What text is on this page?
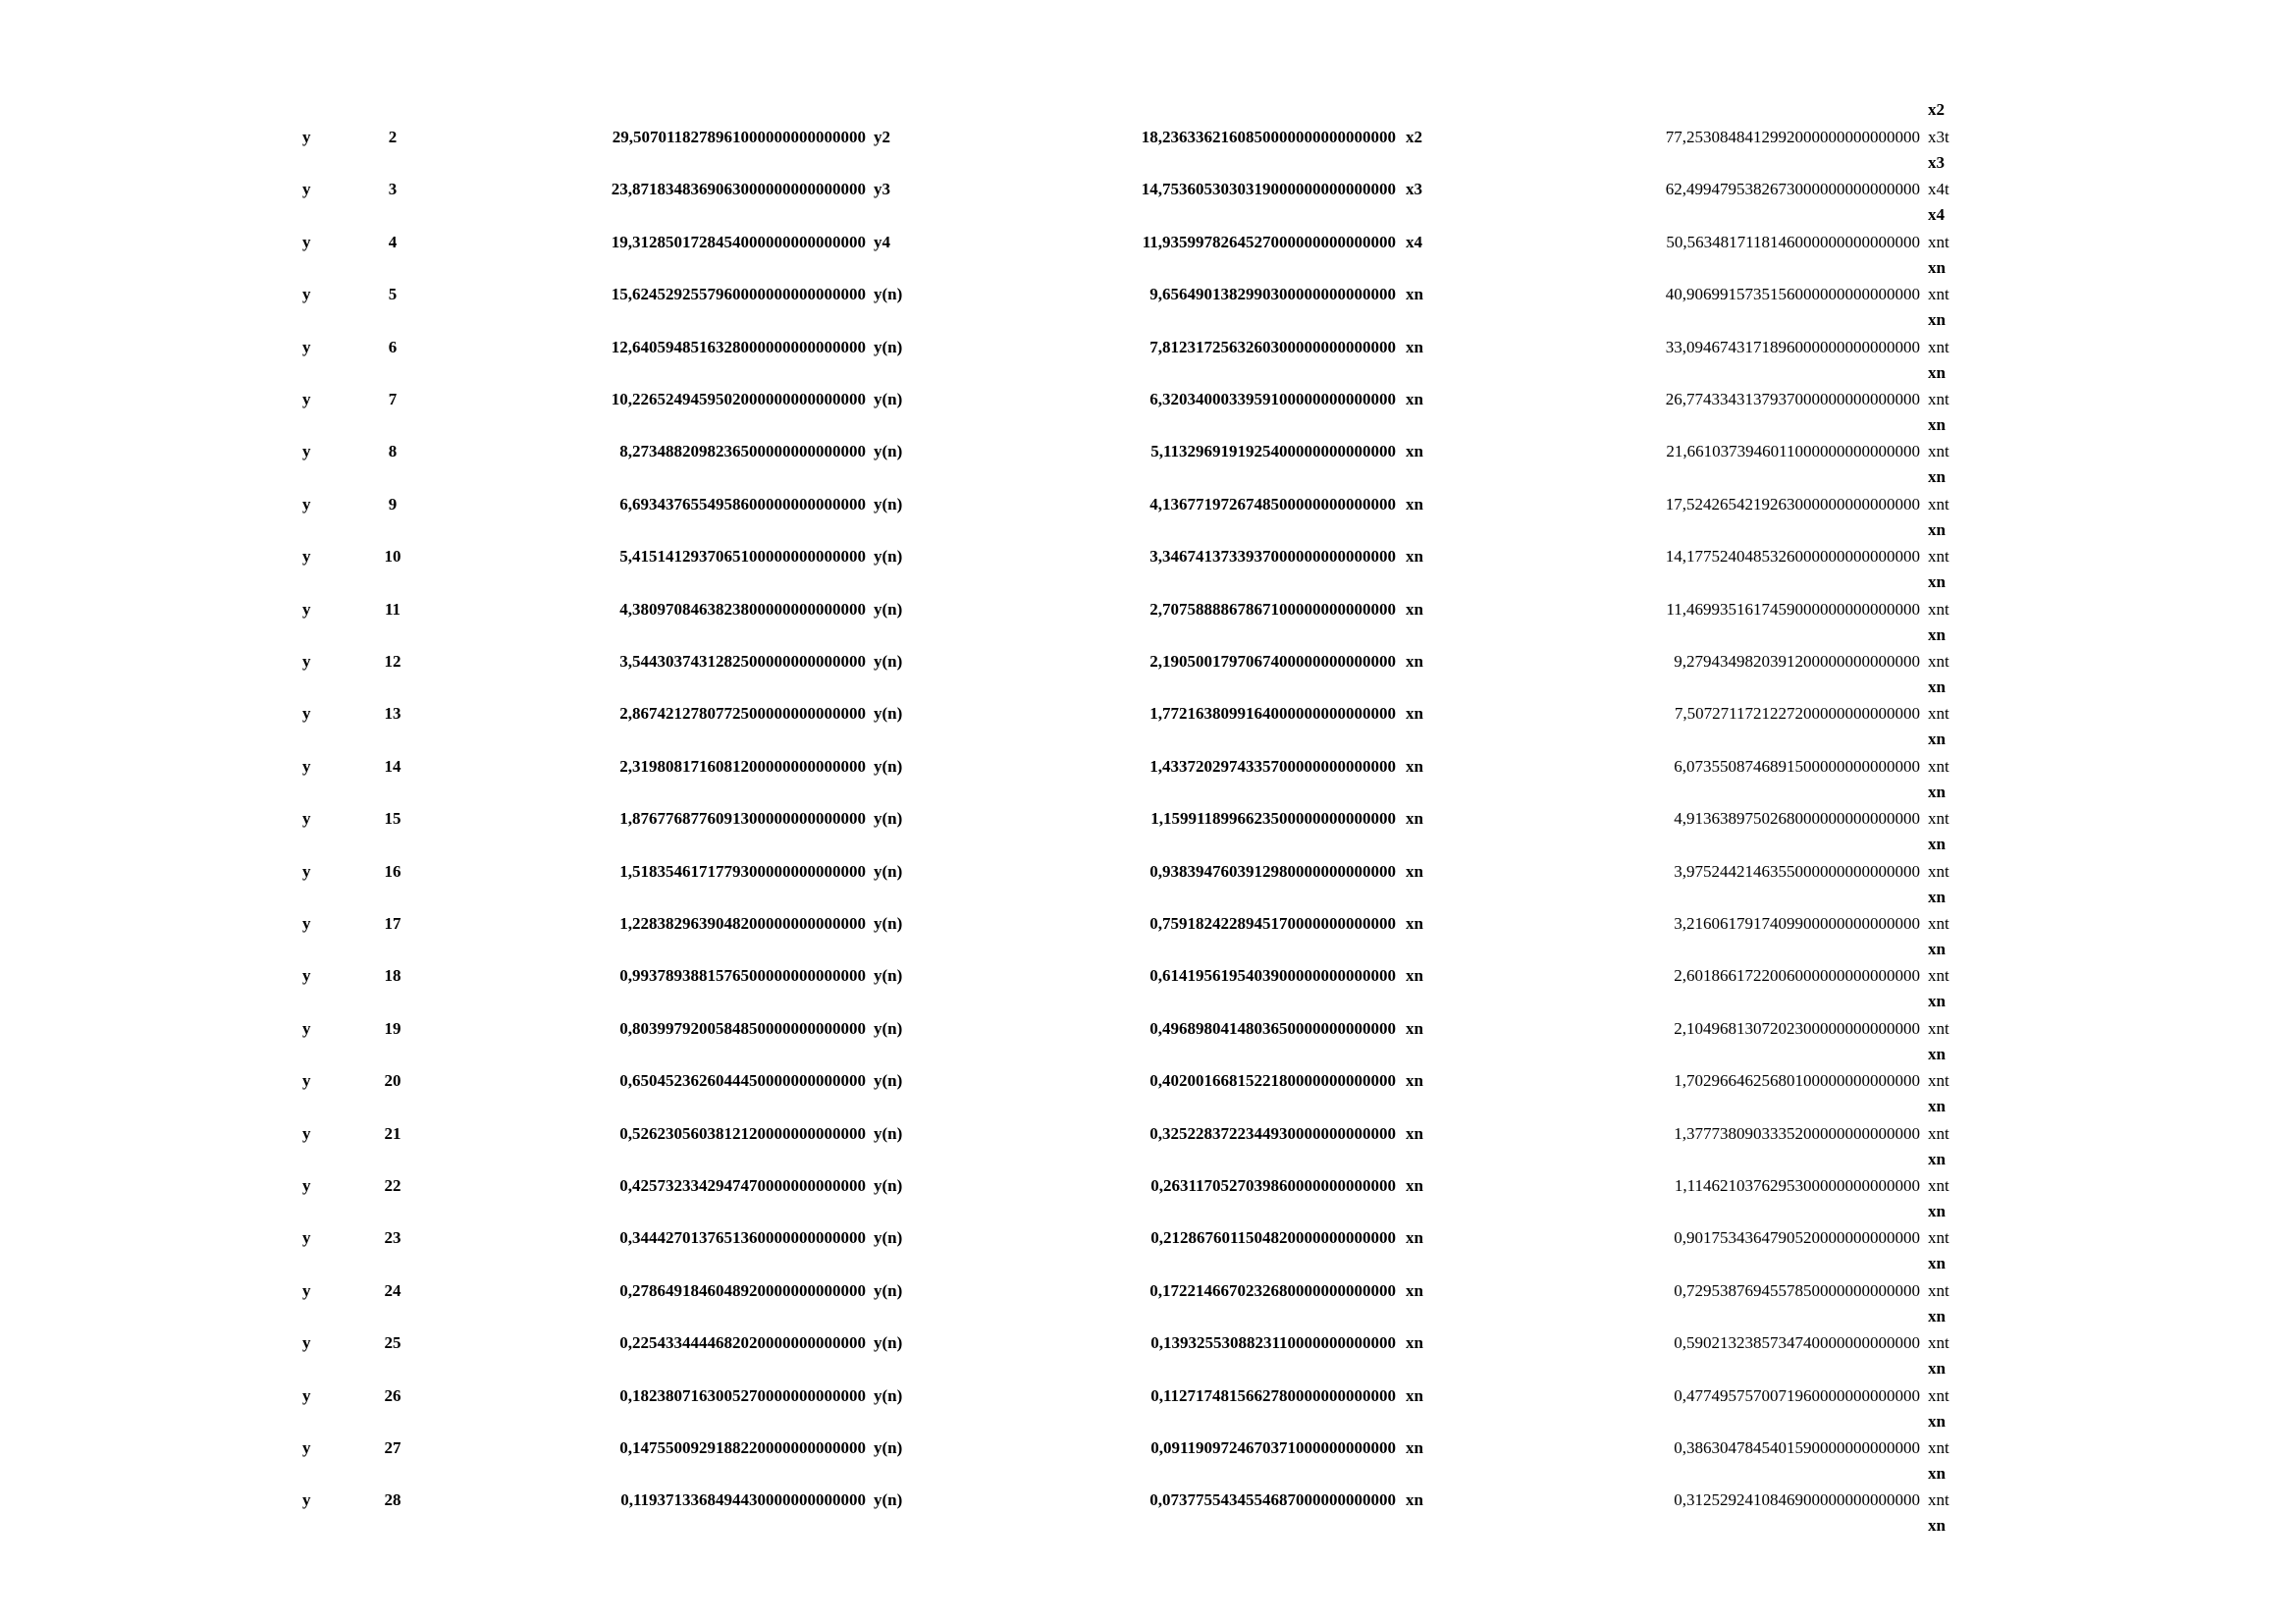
x2
y	2	29,5070118278961000000000000000 y2	18,2363362160850000000000000000 x2	77,2530848412992000000000000000 x3t
x3
y	3	23,8718348369063000000000000000 y3	14,7536053030319000000000000000 x3	62,4994795382673000000000000000 x4t
x4
y	4	19,3128501728454000000000000000 y4	11,9359978264527000000000000000 x4	50,5634817118146000000000000000 xnt
xn
y	5	15,6245292557960000000000000000 y(n)	9,6564901382990300000000000000 xn	40,9069915735156000000000000000 xnt
xn
y	6	12,6405948516328000000000000000 y(n)	7,8123172563260300000000000000 xn	33,0946743171896000000000000000 xnt
xn
y	7	10,2265249459502000000000000000 y(n)	6,3203400033959100000000000000 xn	26,7743343137937000000000000000 xnt
xn
y	8	8,2734882098236500000000000000 y(n)	5,1132969191925400000000000000 xn	21,6610373946011000000000000000 xnt
xn
y	9	6,6934376554958600000000000000 y(n)	4,1367719726748500000000000000 xn	17,5242654219263000000000000000 xnt
xn
y	10	5,4151412937065100000000000000 y(n)	3,3467413733937000000000000000 xn	14,1775240485326000000000000000 xnt
xn
y	11	4,3809708463823800000000000000 y(n)	2,7075888867867100000000000000 xn	11,4699351617459000000000000000 xnt
xn
y	12	3,5443037431282500000000000000 y(n)	2,1905001797067400000000000000 xn	9,2794349820391200000000000000 xnt
xn
y	13	2,8674212780772500000000000000 y(n)	1,7721638099164000000000000000 xn	7,5072711721227200000000000000 xnt
xn
y	14	2,3198081716081200000000000000 y(n)	1,4337202974335700000000000000 xn	6,0735508746891500000000000000 xnt
xn
y	15	1,8767768776091300000000000000 y(n)	1,1599118996623500000000000000 xn	4,9136389750268000000000000000 xnt
xn
y	16	1,5183546171779300000000000000 y(n)	0,9383947603912980000000000000 xn	3,9752442146355000000000000000 xnt
xn
y	17	1,2283829639048200000000000000 y(n)	0,7591824228945170000000000000 xn	3,2160617917409900000000000000 xnt
xn
y	18	0,9937893881576500000000000000 y(n)	0,6141956195403900000000000000 xn	2,6018661722006000000000000000 xnt
xn
y	19	0,8039979200584850000000000000 y(n)	0,4968980414803650000000000000 xn	2,1049681307202300000000000000 xnt
xn
y	20	0,6504523626044450000000000000 y(n)	0,4020016681522180000000000000 xn	1,7029664625680100000000000000 xnt
xn
y	21	0,5262305603812120000000000000 y(n)	0,3252283722344930000000000000 xn	1,3777380903335200000000000000 xnt
xn
y	22	0,4257323342947470000000000000 y(n)	0,2631170527039860000000000000 xn	1,1146210376295300000000000000 xnt
xn
y	23	0,3444270137651360000000000000 y(n)	0,2128676011504820000000000000 xn	0,9017534364790520000000000000 xnt
xn
y	24	0,2786491846048920000000000000 y(n)	0,1722146670232680000000000000 xn	0,7295387694557850000000000000 xnt
xn
y	25	0,2254334444682020000000000000 y(n)	0,1393255308823110000000000000 xn	0,5902132385734740000000000000 xnt
xn
y	26	0,1823807163005270000000000000 y(n)	0,1127174815662780000000000000 xn	0,4774957570071960000000000000 xnt
xn
y	27	0,1475500929188220000000000000 y(n)	0,0911909724670371000000000000 xn	0,3863047845401590000000000000 xnt
xn
y	28	0,1193713368494430000000000000 y(n)	0,0737755434554687000000000000 xn	0,3125292410846900000000000000 xnt
xn
